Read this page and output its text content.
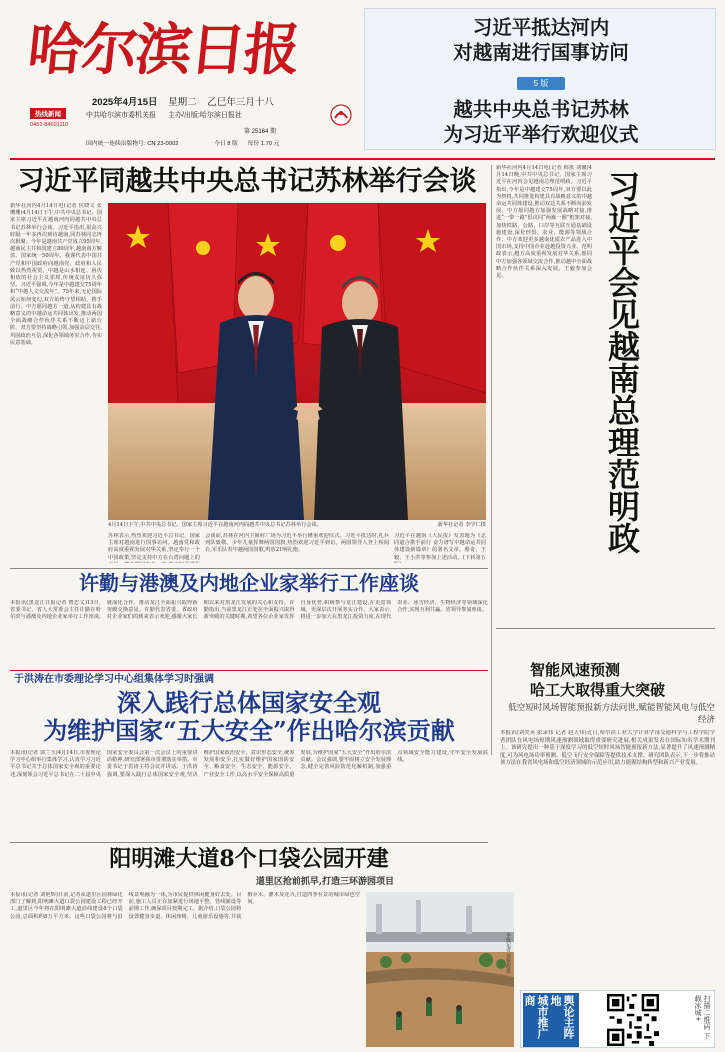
哈尔滨日报
2025年4月15日 星期二 乙巳年三月十八
中共哈尔滨市委机关报 主办/出版:哈尔滨日报社
第 25164 期
国内统一连续出版物号: CN 23-0002	今日 8 版 每份 1.70 元
热线新闻
0451-84691110
习近平抵达河内
对越南进行国事访问
5 版
越共中央总书记苏林
为习近平举行欢迎仪式
习近平同越共中央总书记苏林举行会谈
新华社河内4月14日电(记者 侯晓文 张珊珊)4月14日下午,中共中央总书记、国家主席习近平在越南河内同越共中央总书记苏林举行会谈。习近平指出,很高兴时隔一年多再次到访越南,同苏林同志再次相聚。今年是越南共产党成立95周年,越南民主共和国建立80周年,越南南方解放、国家统一50周年。我谨代表中国共产党和中国政府向越南党、政府和人民致以热烈祝贺。中越是山水相连、唇齿相依的社会主义邻邦,传统友谊历久弥坚。习近平强调,今年是中越建交75周年和“中越人文交流年”。75年来,无论国际风云如何变幻,双方始终守望相助、携手前行。中方愿同越方一道,从构建具有战略意义的中越命运共同体出发,推动两国全面战略合作伙伴关系不断迈上新台阶。双方要坚持战略引领,加强高层交往,巩固政治互信,深化各领域务实合作,夯实民意基础。
4月14日下午,中共中央总书记、国家主席习近平在越南河内同越共中央总书记苏林举行会谈。	新华社记者 李学仁摄
苏林表示,热烈欢迎习近平总书记、国家主席对越南进行国事访问。越南党和政府高度重视发展对华关系,坚定奉行一个中国政策,坚定支持中方在台湾问题上的
会谈前,苏林在河内主席府广场为习近平举行隆重欢迎仪式。习近平抵达时,礼兵列队致敬。少年儿童挥舞两国国旗,热烈欢迎习近平到访。两国领导人登上检阅台,军乐队奏中越两国国歌,鸣放21响礼炮。
习近平在越南《人民报》发表题为《志同道合携手前行 奋力谱写中越命运共同体建设新篇章》的署名文章。蔡奇、王毅、王小洪等参加上述活动。(下转第五
新华社河内4月14日电(记者 韩墨 刘馨)4月14日晚,中共中央总书记、国家主席习近平在河内会见越南总理范明政。习近平指出,今年是中越建交75周年,双方要以此为契机,共同推进构建具有战略意义的中越命运共同体建设,推动双边关系不断向前发展。中方愿同越方加强发展战略对接,推进“一带一路”倡议同“两廊一圈”框架对接,加快铁路、公路、口岸等互联互通基础设施建设,深化经贸、农业、能源等领域合作。中方欢迎更多越南优质农产品进入中国市场,支持中国企业赴越投资兴业。范明政表示,越方高度重视发展对华关系,愿同中方加强各领域交流合作,推动越中全面战略合作伙伴关系深入发展。王毅参加会见。	习近平会见越南总理范明政
许勤与港澳及内地企业家举行工作座谈
本报讯(黑龙江日报记者 曹忠义)13日,省委书记、省人大常委会主任许勤在哈尔滨与港澳及内地企业家举行工作座谈,就深化合作、推动龙江全面振兴取得新突破交换意见。许勤代表省委、省政府对企业家们的到来表示欢迎,感谢大家长期以来对黑龙江发展的关心和支持。许勤指出,当前黑龙江正处在全面振兴取得新突破的关键时期,希望各位企业家发挥自身优势,积极参与龙江建设,在更宽领域、更深层次开展务实合作。大家表示,将进一步加大在黑龙江投资力度,在现代农业、冰雪经济、生物经济等领域深化合作,实现互利共赢。省领导参加座谈。
于洪涛在市委理论学习中心组集体学习时强调
深入践行总体国家安全观
为维护国家“五大安全”作出哈尔滨贡献
本报讯(记者 郭兰玉)4月14日,市委理论学习中心组举行集体学习,认真学习习近平总书记关于总体国家安全观的重要论述,深刻领会习近平总书记在二十届中央国家安全委员会第一次会议上的重要讲话精神,研究部署我市贯彻落实举措。市委书记于洪涛主持会议并讲话。于洪涛强调,要深入践行总体国家安全观,坚决维护国家政治安全、意识形态安全,统筹发展和安全,扎实做好维护国家国防安全、粮食安全、生态安全、能源安全、产业安全工作,以高水平安全保障高质量发展,为维护国家“五大安全”作出哈尔滨贡献。会议强调,要牢固树立安全发展理念,健全完善风险防范化解机制,加强重点领域安全能力建设,守牢安全发展底线。
智能风速预测
哈工大取得重大突破
低空短时风场智能预报新方法问世,赋能智能风电与低空经济
本报讯(刘美英 张录伟 记者 赵天伟)近日,哈尔滨工业大学计算学部交通科学与工程学院学者团队在风电场短期风速预测领域取得重要研究进展,相关成果发表在国际知名学术期刊上。该研究提出一种基于深度学习的低空短时风场智能预报新方法,显著提升了风速预测精度,可为风电场功率预测、低空飞行安全保障等提供技术支撑。研究团队表示,下一步将推动该方法在我省风电场和低空经济领域的示范应用,助力能源结构转型和新兴产业发展。
阳明滩大道8个口袋公园开建
道里区抢前抓早,打造三环游园项目
本报讯(记者 刘艳辉)日前,记者从道里区园林绿化部门了解到,阳明滩大道口袋公园建设工程已经开工,道里区今年将在阳明滩大道沿线建设8个口袋公园,总面积约8万平方米。这些口袋公园将与沿线景观融为一体,为市民提供休闲健身好去处。目前,施工人员正在加紧进行场地平整、管线铺设等前期工作,确保项目按期完工。据介绍,口袋公园将设置健身步道、休闲座椅、儿童游乐设施等,并栽植乔木、灌木及花卉,打造四季有景的城市绿色空间。
本报记者 刘艳辉摄
舆论主阵地
城市推广商	扫描二维码 下载冰城+
